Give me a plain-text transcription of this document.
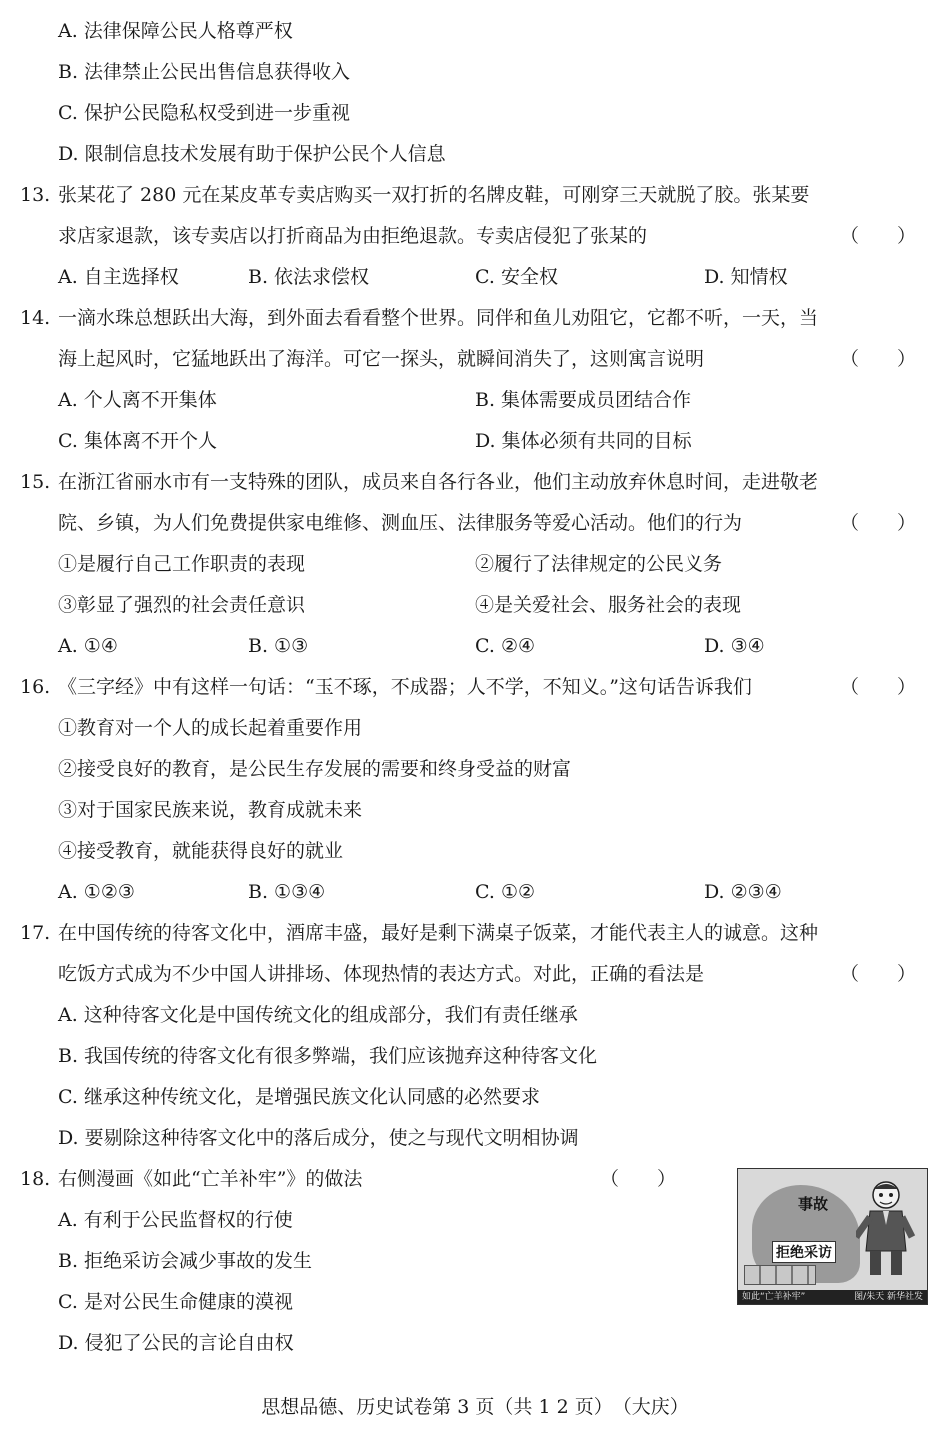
A. 法律保障公民人格尊严权
B. 法律禁止公民出售信息获得收入
C. 保护公民隐私权受到进一步重视
D. 限制信息技术发展有助于保护公民个人信息
13. 张某花了 280 元在某皮革专卖店购买一双打折的名牌皮鞋，可刚穿三天就脱了胶。张某要
求店家退款，该专卖店以打折商品为由拒绝退款。专卖店侵犯了张某的	（　　）
A. 自主选择权	B. 依法求偿权	C. 安全权	D. 知情权
14. 一滴水珠总想跃出大海，到外面去看看整个世界。同伴和鱼儿劝阻它，它都不听，一天，当
海上起风时，它猛地跃出了海洋。可它一探头，就瞬间消失了，这则寓言说明	（　　）
A. 个人离不开集体	B. 集体需要成员团结合作
C. 集体离不开个人	D. 集体必须有共同的目标
15. 在浙江省丽水市有一支特殊的团队，成员来自各行各业，他们主动放弃休息时间，走进敬老
院、乡镇，为人们免费提供家电维修、测血压、法律服务等爱心活动。他们的行为	（　　）
①是履行自己工作职责的表现	②履行了法律规定的公民义务
③彰显了强烈的社会责任意识	④是关爱社会、服务社会的表现
A. ①④	B. ①③	C. ②④	D. ③④
16. 《三字经》中有这样一句话：“玉不琢，不成器；人不学，不知义。”这句话告诉我们	（　　）
①教育对一个人的成长起着重要作用
②接受良好的教育，是公民生存发展的需要和终身受益的财富
③对于国家民族来说，教育成就未来
④接受教育，就能获得良好的就业
A. ①②③	B. ①③④	C. ①②	D. ②③④
17. 在中国传统的待客文化中，酒席丰盛，最好是剩下满桌子饭菜，才能代表主人的诚意。这种
吃饭方式成为不少中国人讲排场、体现热情的表达方式。对此，正确的看法是	（　　）
A. 这种待客文化是中国传统文化的组成部分，我们有责任继承
B. 我国传统的待客文化有很多弊端，我们应该抛弃这种待客文化
C. 继承这种传统文化，是增强民族文化认同感的必然要求
D. 要剔除这种待客文化中的落后成分，使之与现代文明相协调
18. 右侧漫画《如此“亡羊补牢”》的做法	（　　）
A. 有利于公民监督权的行使
B. 拒绝采访会减少事故的发生
C. 是对公民生命健康的漠视
D. 侵犯了公民的言论自由权
事故
拒绝采访
如此“亡羊补牢”	图/朱天 新华社发
思想品德、历史试卷第 3 页（共 1 2 页）　（大庆）
